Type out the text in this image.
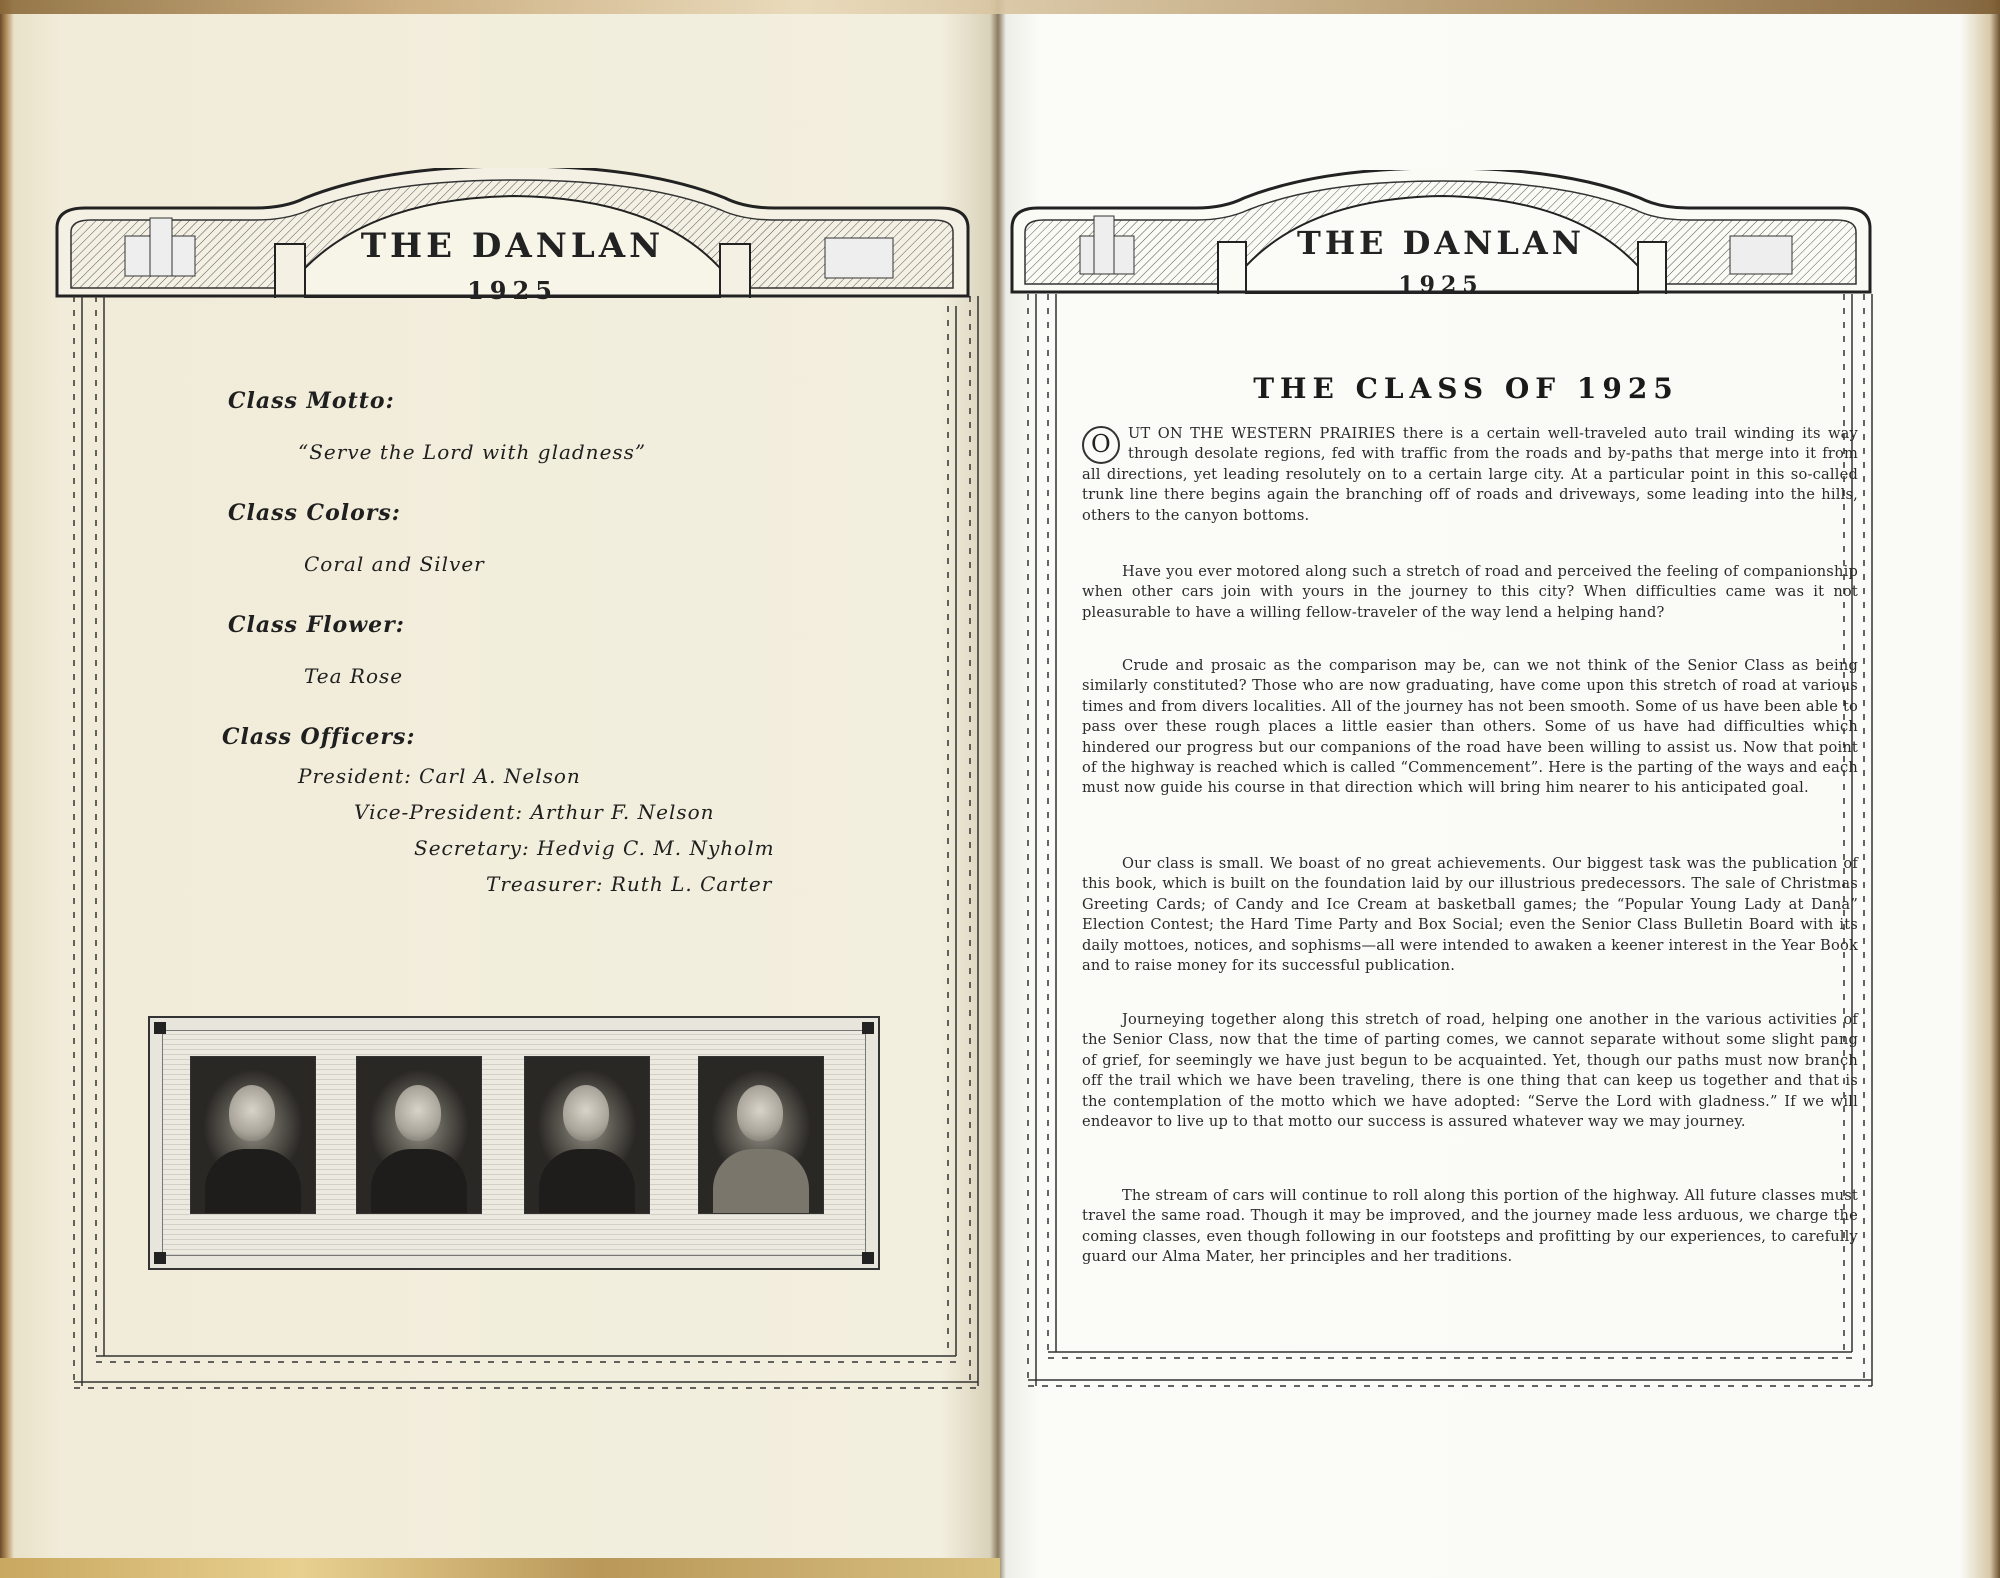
THE DANLAN
1925
Class Motto:
“Serve the Lord with gladness”
Class Colors:
Coral and Silver
Class Flower:
Tea Rose
Class Officers:
President: Carl A. Nelson
Vice-President: Arthur F. Nelson
Secretary: Hedvig C. M. Nyholm
Treasurer: Ruth L. Carter
THE DANLAN
1925
THE CLASS OF 1925
O	UT ON THE WESTERN PRAIRIES there is a certain well-traveled auto trail winding its way through desolate regions, fed with traffic from the roads and by-paths that merge into it from all directions, yet leading resolutely on to a certain large city. At a particular point in this so-called trunk line there begins again the branching off of roads and driveways, some leading into the hills, others to the canyon bottoms.
Have you ever motored along such a stretch of road and perceived the feeling of companionship when other cars join with yours in the journey to this city? When difficulties came was it not pleasurable to have a willing fellow-traveler of the way lend a helping hand?
Crude and prosaic as the comparison may be, can we not think of the Senior Class as being similarly constituted? Those who are now graduating, have come upon this stretch of road at various times and from divers localities. All of the journey has not been smooth. Some of us have been able to pass over these rough places a little easier than others. Some of us have had difficulties which hindered our progress but our companions of the road have been willing to assist us. Now that point of the highway is reached which is called “Commencement”. Here is the parting of the ways and each must now guide his course in that direction which will bring him nearer to his anticipated goal.
Our class is small. We boast of no great achievements. Our biggest task was the publication of this book, which is built on the foundation laid by our illustrious predecessors. The sale of Christmas Greeting Cards; of Candy and Ice Cream at basketball games; the “Popular Young Lady at Dana” Election Contest; the Hard Time Party and Box Social; even the Senior Class Bulletin Board with its daily mottoes, notices, and sophisms—all were intended to awaken a keener interest in the Year Book and to raise money for its successful publication.
Journeying together along this stretch of road, helping one another in the various activities of the Senior Class, now that the time of parting comes, we cannot separate without some slight pang of grief, for seemingly we have just begun to be acquainted. Yet, though our paths must now branch off the trail which we have been traveling, there is one thing that can keep us together and that is the contemplation of the motto which we have adopted: “Serve the Lord with gladness.” If we will endeavor to live up to that motto our success is assured whatever way we may journey.
The stream of cars will continue to roll along this portion of the highway. All future classes must travel the same road. Though it may be improved, and the journey made less arduous, we charge the coming classes, even though following in our footsteps and profitting by our experiences, to carefully guard our Alma Mater, her principles and her traditions.
